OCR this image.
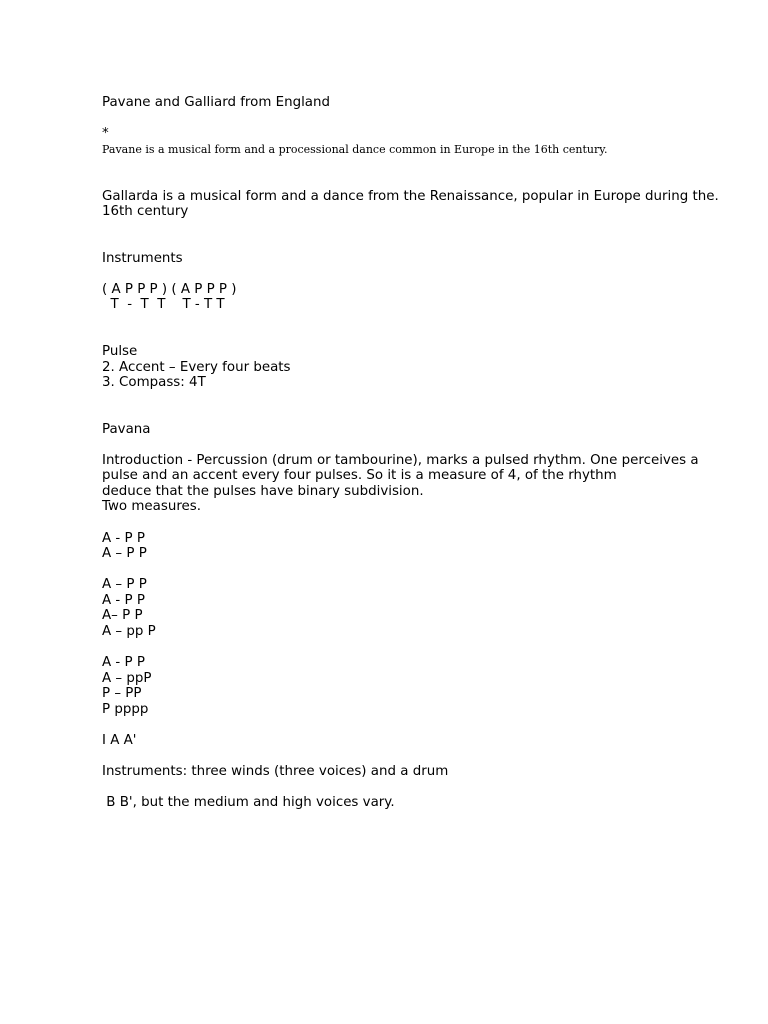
Pavane and Galliard from England
*
Pavane is a musical form and a processional dance common in Europe in the 16th century.
Gallarda is a musical form and a dance from the Renaissance, popular in Europe during the.
16th century
Instruments
( A P P P ) ( A P P P )
T  -  T  T    T - T T
Pulse
2. Accent – Every four beats
3. Compass: 4T
Pavana
Introduction - Percussion (drum or tambourine), marks a pulsed rhythm. One perceives a
pulse and an accent every four pulses. So it is a measure of 4, of the rhythm
deduce that the pulses have binary subdivision.
Two measures.
A - P P
A – P P
A – P P
A - P P
A– P P
A – pp P
A - P P
A – ppP
P – PP
P pppp
I A A'
Instruments: three winds (three voices) and a drum
B B', but the medium and high voices vary.
